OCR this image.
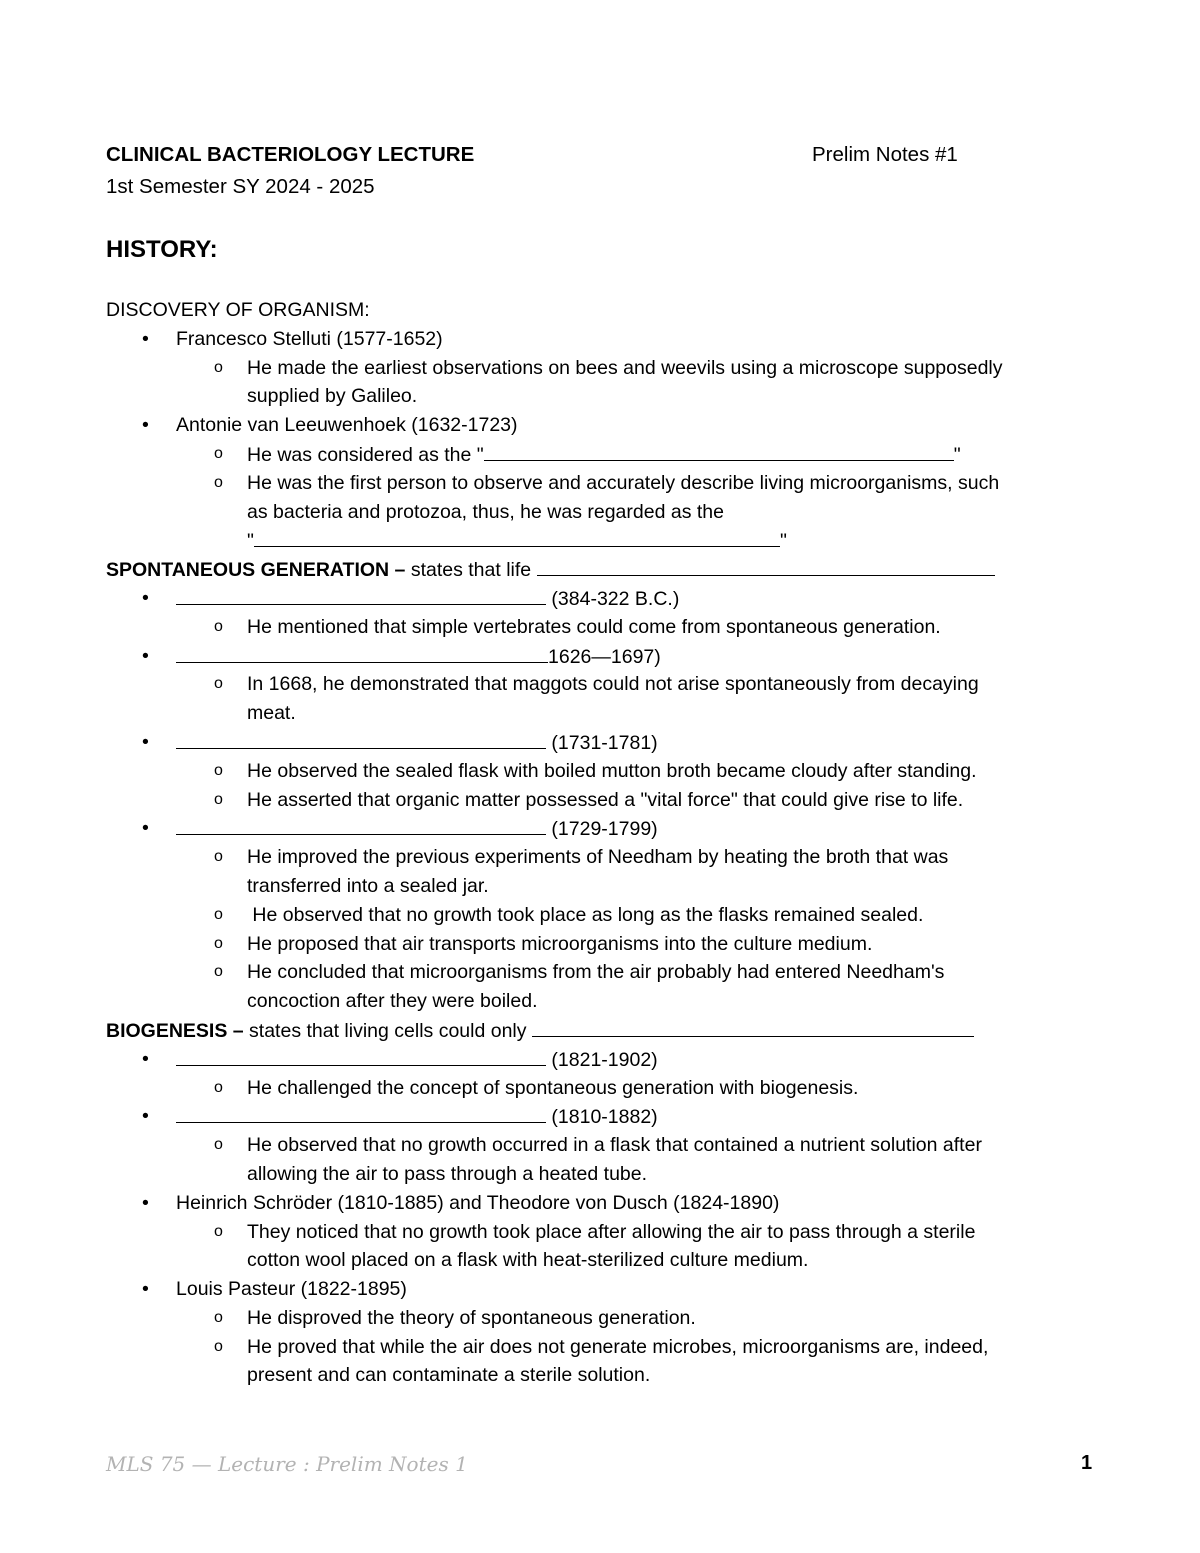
CLINICAL BACTERIOLOGY LECTURE	Prelim Notes #1
1st Semester SY 2024 - 2025
HISTORY:
DISCOVERY OF ORGANISM:
• Francesco Stelluti (1577-1652)
o He made the earliest observations on bees and weevils using a microscope supposedly
supplied by Galileo.
• Antonie van Leeuwenhoek (1632-1723)
o He was considered as the "	"
o He was the first person to observe and accurately describe living microorganisms, such
as bacteria and protozoa, thus, he was regarded as the
"	"
SPONTANEOUS GENERATION – states that life
•	(384-322 B.C.)
o He mentioned that simple vertebrates could come from spontaneous generation.
•	1626—1697)
o In 1668, he demonstrated that maggots could not arise spontaneously from decaying
meat.
•	(1731-1781)
o He observed the sealed flask with boiled mutton broth became cloudy after standing.
o He asserted that organic matter possessed a "vital force" that could give rise to life.
•	(1729-1799)
o He improved the previous experiments of Needham by heating the broth that was
transferred into a sealed jar.
o He observed that no growth took place as long as the flasks remained sealed.
o He proposed that air transports microorganisms into the culture medium.
o He concluded that microorganisms from the air probably had entered Needham's
concoction after they were boiled.
BIOGENESIS – states that living cells could only
•	(1821-1902)
o He challenged the concept of spontaneous generation with biogenesis.
•	(1810-1882)
o He observed that no growth occurred in a flask that contained a nutrient solution after
allowing the air to pass through a heated tube.
• Heinrich Schröder (1810-1885) and Theodore von Dusch (1824-1890)
o They noticed that no growth took place after allowing the air to pass through a sterile
cotton wool placed on a flask with heat-sterilized culture medium.
• Louis Pasteur (1822-1895)
o He disproved the theory of spontaneous generation.
o He proved that while the air does not generate microbes, microorganisms are, indeed,
present and can contaminate a sterile solution.
MLS 75 — Lecture : Prelim Notes 1	1
